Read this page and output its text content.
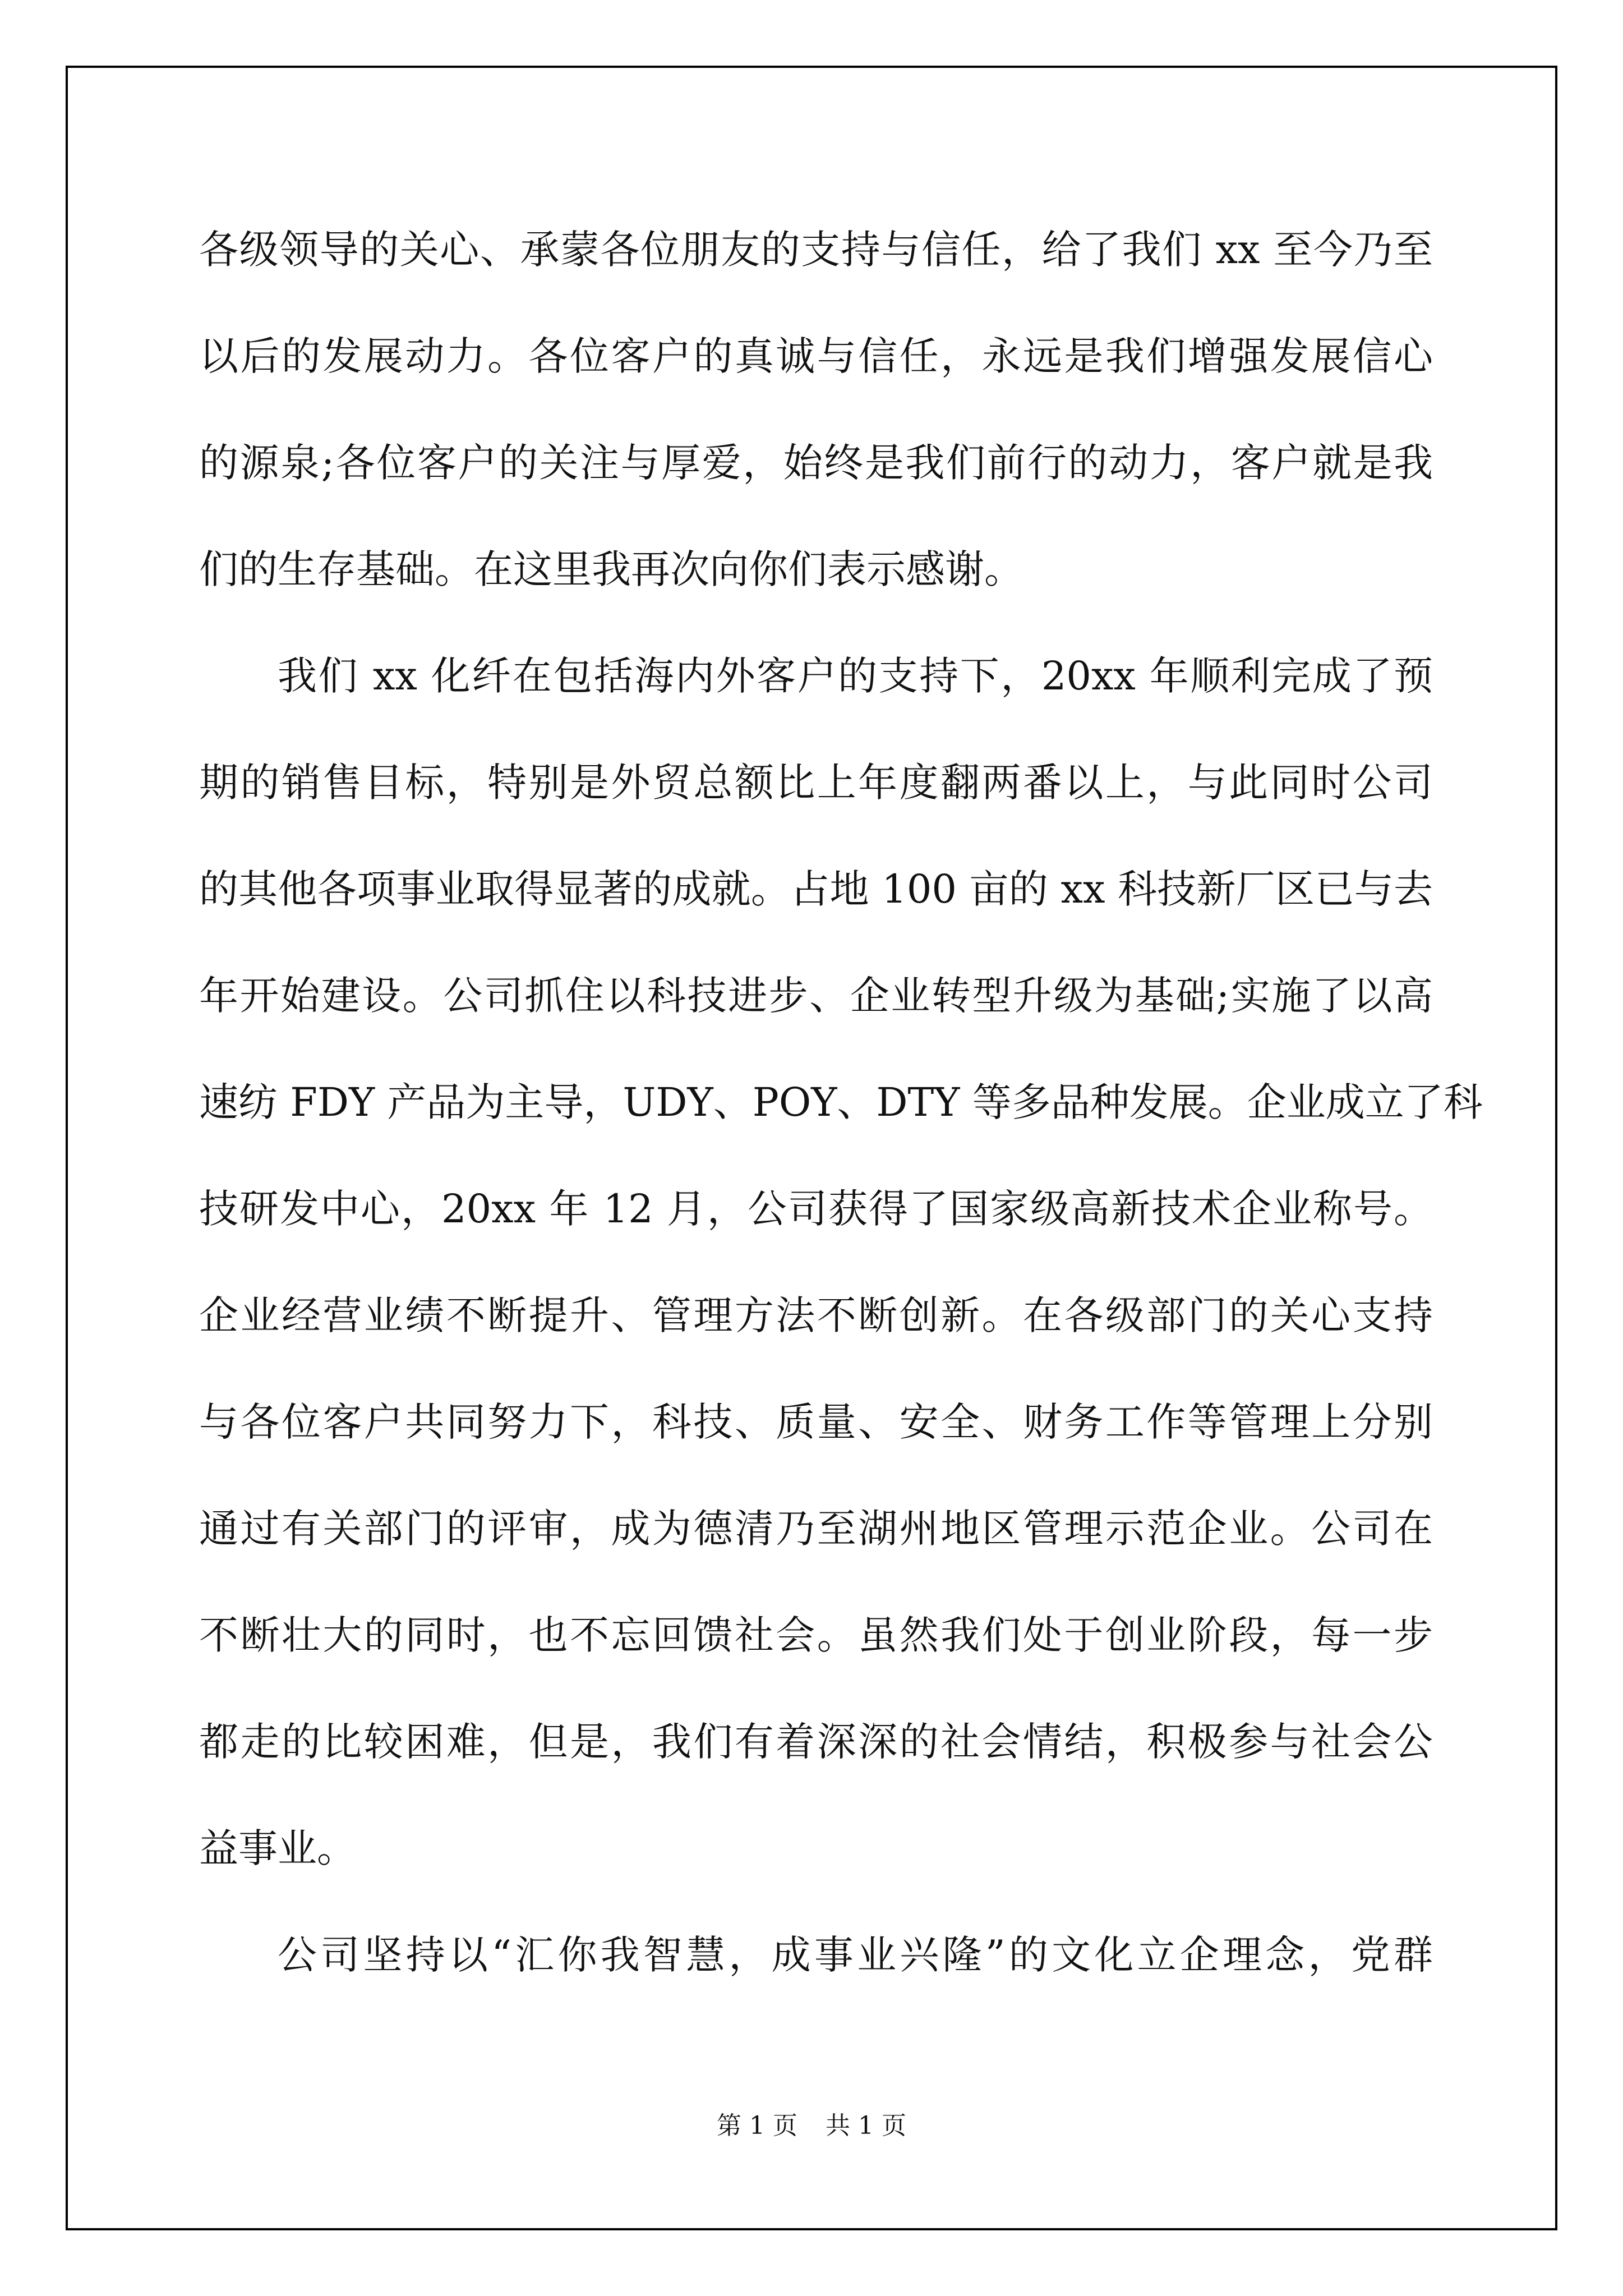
各级领导的关心、承蒙各位朋友的支持与信任，给了我们 xx 至今乃至
以后的发展动力。各位客户的真诚与信任，永远是我们增强发展信心
的源泉;各位客户的关注与厚爱，始终是我们前行的动力，客户就是我
们的生存基础。在这里我再次向你们表示感谢。
我们 xx 化纤在包括海内外客户的支持下，20xx 年顺利完成了预
期的销售目标，特别是外贸总额比上年度翻两番以上，与此同时公司
的其他各项事业取得显著的成就。占地 100 亩的 xx 科技新厂区已与去
年开始建设。公司抓住以科技进步、企业转型升级为基础;实施了以高
速纺 FDY 产品为主导，UDY、POY、DTY 等多品种发展。企业成立了科
技研发中心，20xx 年 12 月，公司获得了国家级高新技术企业称号。
企业经营业绩不断提升、管理方法不断创新。在各级部门的关心支持
与各位客户共同努力下，科技、质量、安全、财务工作等管理上分别
通过有关部门的评审，成为德清乃至湖州地区管理示范企业。公司在
不断壮大的同时，也不忘回馈社会。虽然我们处于创业阶段，每一步
都走的比较困难，但是，我们有着深深的社会情结，积极参与社会公
益事业。
公司坚持以“汇你我智慧，成事业兴隆”的文化立企理念，党群
第 1 页 共 1 页
